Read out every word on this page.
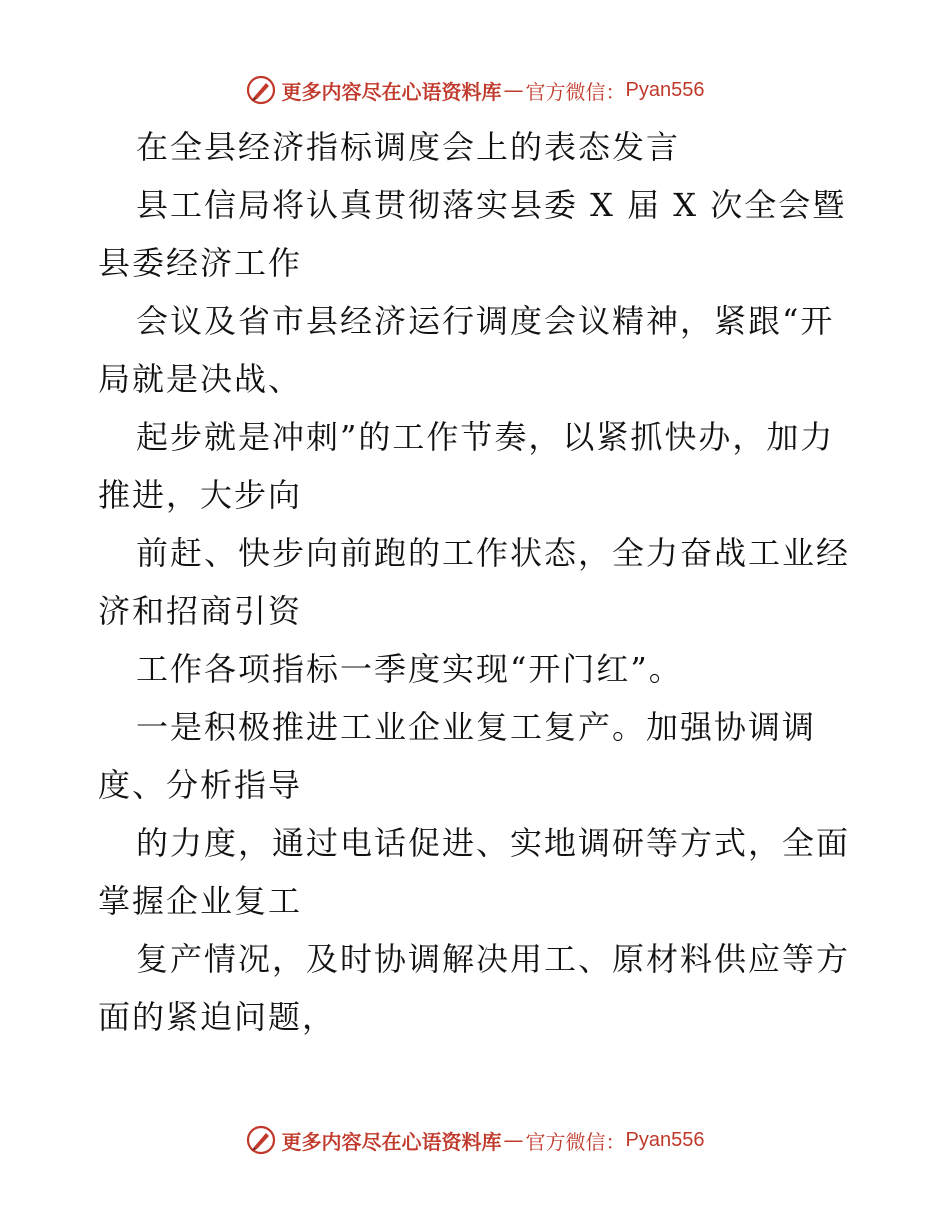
更多内容尽在心语资料库 — 官方微信： Pyan556
在全县经济指标调度会上的表态发言
县工信局将认真贯彻落实县委 X 届 X 次全会暨
县委经济工作
会议及省市县经济运行调度会议精神，紧跟“开
局就是决战、
起步就是冲刺”的工作节奏，以紧抓快办，加力
推进，大步向
前赶、快步向前跑的工作状态，全力奋战工业经
济和招商引资
工作各项指标一季度实现“开门红”。
一是积极推进工业企业复工复产。加强协调调
度、分析指导
的力度，通过电话促进、实地调研等方式，全面
掌握企业复工
复产情况，及时协调解决用工、原材料供应等方
面的紧迫问题，
更多内容尽在心语资料库 — 官方微信： Pyan556
